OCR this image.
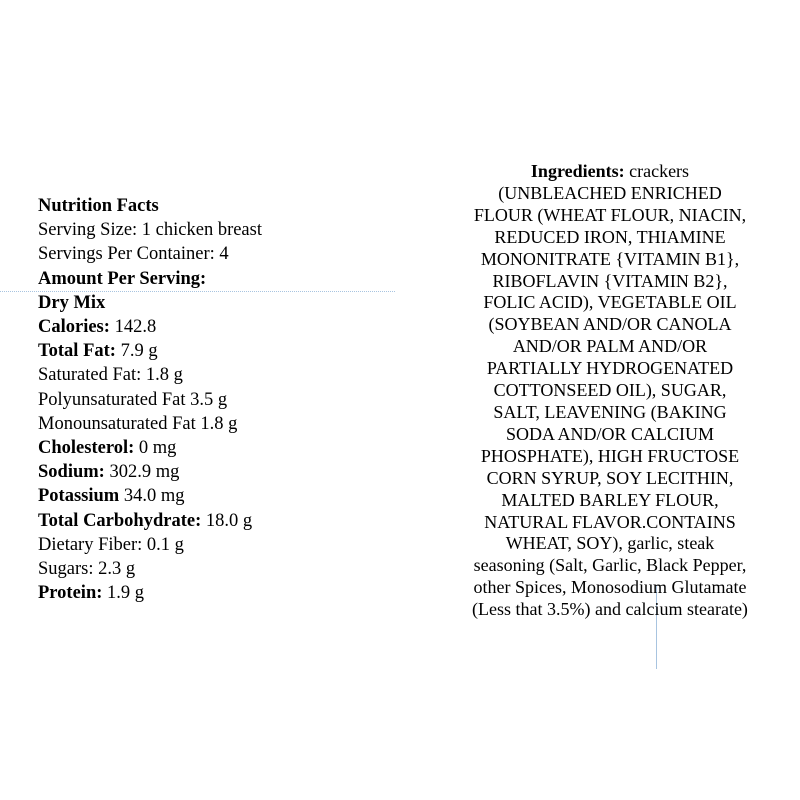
Nutrition Facts
Serving Size: 1 chicken breast
Servings Per Container: 4
Amount Per Serving:
Dry Mix
Calories: 142.8
Total Fat: 7.9 g
Saturated Fat: 1.8 g
Polyunsaturated Fat 3.5 g
Monounsaturated Fat 1.8 g
Cholesterol: 0 mg
Sodium: 302.9 mg
Potassium 34.0 mg
Total Carbohydrate: 18.0 g
Dietary Fiber: 0.1 g
Sugars: 2.3 g
Protein: 1.9 g
Ingredients: crackers
(UNBLEACHED ENRICHED
FLOUR (WHEAT FLOUR, NIACIN,
REDUCED IRON, THIAMINE
MONONITRATE {VITAMIN B1},
RIBOFLAVIN {VITAMIN B2},
FOLIC ACID), VEGETABLE OIL
(SOYBEAN AND/OR CANOLA
AND/OR PALM AND/OR
PARTIALLY HYDROGENATED
COTTONSEED OIL), SUGAR,
SALT, LEAVENING (BAKING
SODA AND/OR CALCIUM
PHOSPHATE), HIGH FRUCTOSE
CORN SYRUP, SOY LECITHIN,
MALTED BARLEY FLOUR,
NATURAL FLAVOR.CONTAINS
WHEAT, SOY), garlic, steak
seasoning (Salt, Garlic, Black Pepper,
other Spices, Monosodium Glutamate
(Less that 3.5%) and calcium stearate)
